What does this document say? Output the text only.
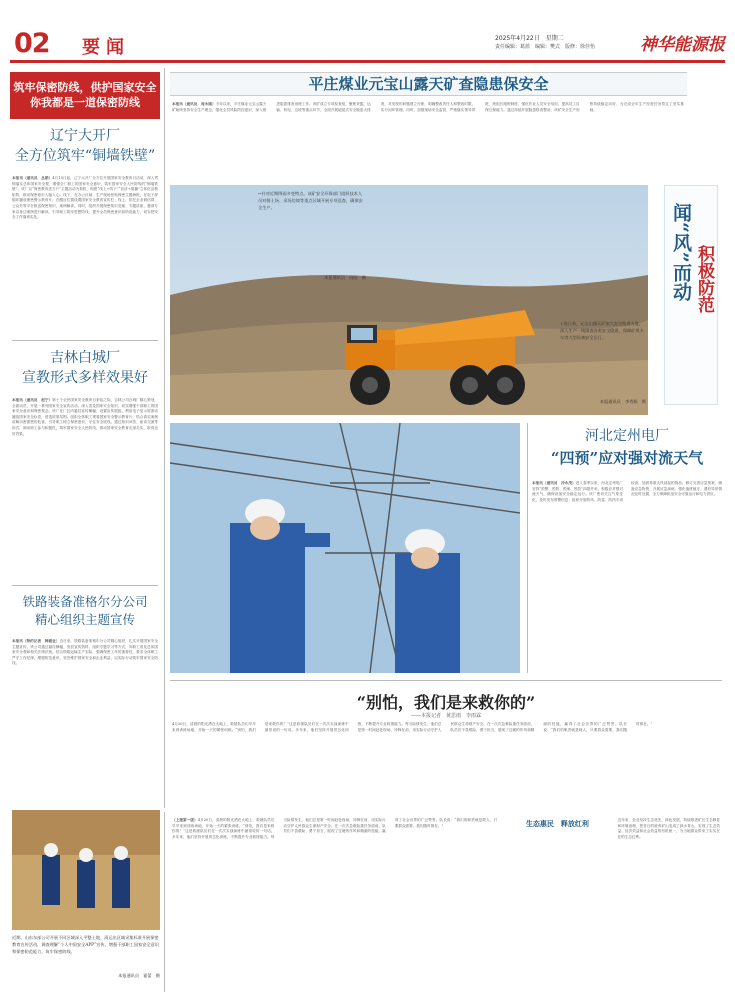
02 要闻	2025年4月22日　 星期二
责任编辑：葛蓝　编辑：樊式　版修：徐佳怡	神华能源报
筑牢保密防线，供护国家安全
你我都是一道保密防线
辽宁大开厂
全方位筑牢“铜墙铁壁”
本报讯（通讯员　丛皓）4月15日起，辽宁大开厂全方位开展国家安全教育月活动，深入贯彻落实总体国家安全观，增强全厂职工的国家安全意识，筑牢国家安全人民防线的“铜墙铁壁”。该厂以“保密教育进万户”主题活动为契机，构建“线上+线下”“宣讲+展播”立体化宣教矩阵，推动保密意识入脑入心。线下，在办公区域、生产现场张贴保密主题海报，在电子屏循环播放保密警示教育片，在醒目位置设置国家安全教育宣传栏；线上，依托企业微信群、公众号等平台推送保密知识、案例解读。同时，组织开展保密知识竞赛、专题讲座，邀请专家以身边案例进行解读，引导职工筑牢思想防线，提升全员保密意识和防范能力，切实把安全工作落到实处。
吉林白城厂
宣教形式多样效果好
本报讯（通讯员　赵宁）第十个全民国家安全教育日来临之际，吉林公司白城厂精心策划，全面动员，开展一系列国家安全宣传活动，深入普及国家安全知识，切实增强干部职工的国家安全意识和保密观念。该厂在厂区内悬挂宣传横幅，设置宣传展板，利用电子显示屏滚动播放国家安全标语，营造浓厚氛围。组织全体职工观看国家安全警示教育片，结合真实案例讲解窃密泄密的危害，引导职工树立保密意识，守住安全底线。通过知识问答、座谈交流等形式，调动职工参与积极性，筑牢国家安全人民防线，推动国家安全教育走深走实，取得良好效果。
铁路装备准格尔分公司
精心组织主题宣传
本报讯（特约记者　韩建业）近日来，铁路装备准格尔分公司精心组织，扎实开展国家安全主题宣传。该公司通过悬挂横幅、发放宣传资料、组织专题学习等方式，向职工普及总体国家安全观和相关法律法规。结合铁路运输生产实际，强调保密工作的重要性，要求全体职工严守工作纪律，增强防范意识，坚决维护国家安全和企业利益，以实际行动筑牢国家安全防线。
平庄煤业元宝山露天矿查隐患保安全
本报讯（通讯员　周永刚）今年以来，平庄煤业元宝山露天矿始终坚持安全生产理念，强化全员风险防控意识，深入推进隐患排查治理工作。该矿成立专项检查组，聚焦采掘、运输、机电、边坡等重点环节，全面开展地毯式安全隐患大排查，对发现的问题建立台账，明确整改责任人和整改时限，实行闭环管理。同时，加强现场安全监管，严格落实领导带班、班组长跟班制度，强化作业人员安全培训，提高员工自保互保能力。通过持续开展隐患排查整治，该矿安全生产形势持续稳定向好，为完成全年生产经营任务奠定了坚实基础。
←针对近期降雨多变特点，该矿安全环保部门组织技术人员对排土场、采场边坡等重点区域开展专项巡查，确保安全生产。
本报通讯员　向阳　摄
↓连日来，元宝山露天矿加大安全检查力度，深入生产一线排查各类安全隐患，保障矿用卡车等大型设备安全运行。
本报通讯员　李秀娟　摄
闻“风”而动 积极防范
河北定州电厂
“四预”应对强对流天气
本报讯（通讯员　冷永茂）进入春季以来，河北定州电厂坚持“预警、预防、预案、预控”四措并举，积极应对强对流天气，确保设备安全稳定运行。该厂密切关注气象变化，及时发布预警信息；组织开展防风、防雷、防汛专项检查，加固易被大风刮起的物品；修订完善应急预案，储备应急物资，开展应急演练；强化值班值守，遇有异常情况及时处置，全力保障机组安全可靠运行和电力供应。
“别怕，我们是来救你的”
——本报记者　黄思雨　李雨霖
4月20日，清晨的阳光洒在大地上，救援队员们早早来到训练场地，开始一天的紧张训练。“别怕，我们是来救你的！”这是救援队员们在一次次实战演练中最常说的一句话。多年来，他们坚持开展常态化训练，不断提升专业救援能力。每当险情发生，他们总是第一时间赶赴现场，冲锋在前，用实际行动守护人民群众生命财产安全。在一次次急难险重任务面前，队员们不畏艰险、勇于担当，展现了过硬的作风和精湛的技能，赢得了社会各界的广泛赞誉。队长说：“我们的职责就是救人，只要群众需要，我们随时都在。”
（上接第一版）4月20日，清晨的阳光洒在大地上，救援队员们早早来到训练场地，开始一天的紧张训练。“别怕，我们是来救你的！”这是救援队员们在一次次实战演练中最常说的一句话。多年来，他们坚持开展常态化训练，不断提升专业救援能力。每当险情发生，他们总是第一时间赶赴现场，冲锋在前，用实际行动守护人民群众生命财产安全。在一次次急难险重任务面前，队员们不畏艰险、勇于担当，展现了过硬的作风和精湛的技能，赢得了社会各界的广泛赞誉。队长说：“我们的职责就是救人，只要群众需要，我们随时都在。”	生态惠民　释放红利	近年来，企业坚持生态优先、绿色发展，持续推进矿区生态修复和环境治理，把昔日的废弃矿山变成了绿水青山，实现了生态效益、经济效益和社会效益的有机统一，为当地群众带来了实实在在的生态红利。
近期，山东东部公司开展不同区域深入平整土地、清运出区域采集标准开展保密教育宣传活动，调查理解“个人中国安全APP”宣传，增强干部职工国家安全意识和保密防范能力，筑牢保密防线。
本报通讯员　霍蕾　摄
